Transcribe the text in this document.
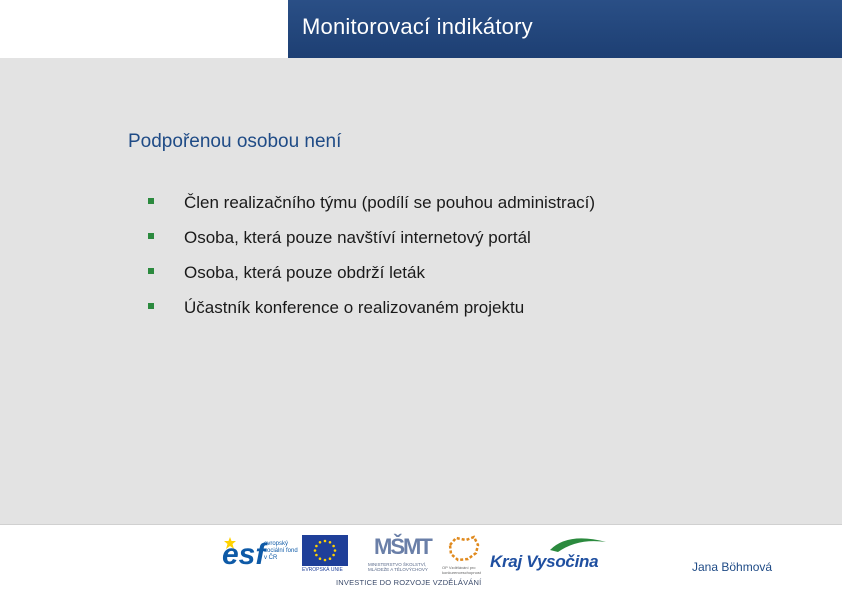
Monitorovací indikátory
Podpořenou osobou není
Člen realizačního týmu (podílí se pouhou administrací)
Osoba, která pouze navštíví internetový portál
Osoba, která pouze obdrží leták
Účastník konference o realizovaném projektu
esf
evropský sociální fond v ČR
EVROPSKÁ UNIE
MŠMT
MINISTERSTVO ŠKOLSTVÍ, MLÁDEŽE A TĚLOVÝCHOVY	OP Vzdělávání pro konkurenceschopnost
Kraj Vysočina
INVESTICE DO ROZVOJE VZDĚLÁVÁNÍ
Jana Böhmová
